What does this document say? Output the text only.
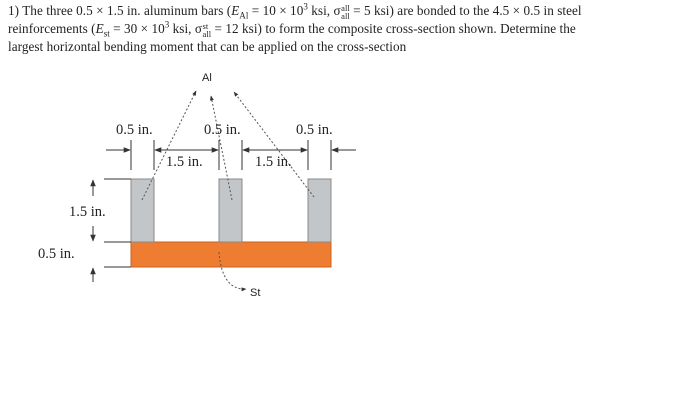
1) The three 0.5 × 1.5 in. aluminum bars ($E_{Al} = 10 \times 10^3$ ksi, σ all
all = 5 ksi) are bonded to the 4.5 × 0.5 in steel
reinforcements ($E_{st} = 30 \times 10^3$ ksi, σ st
all = 12 ksi) to form the composite cross-section shown. Determine the
largest horizontal bending moment that can be applied on the cross-section
Al
St
0.5 in.	0.5 in.	0.5 in.
1.5 in.	1.5 in.
1.5 in.
0.5 in.
